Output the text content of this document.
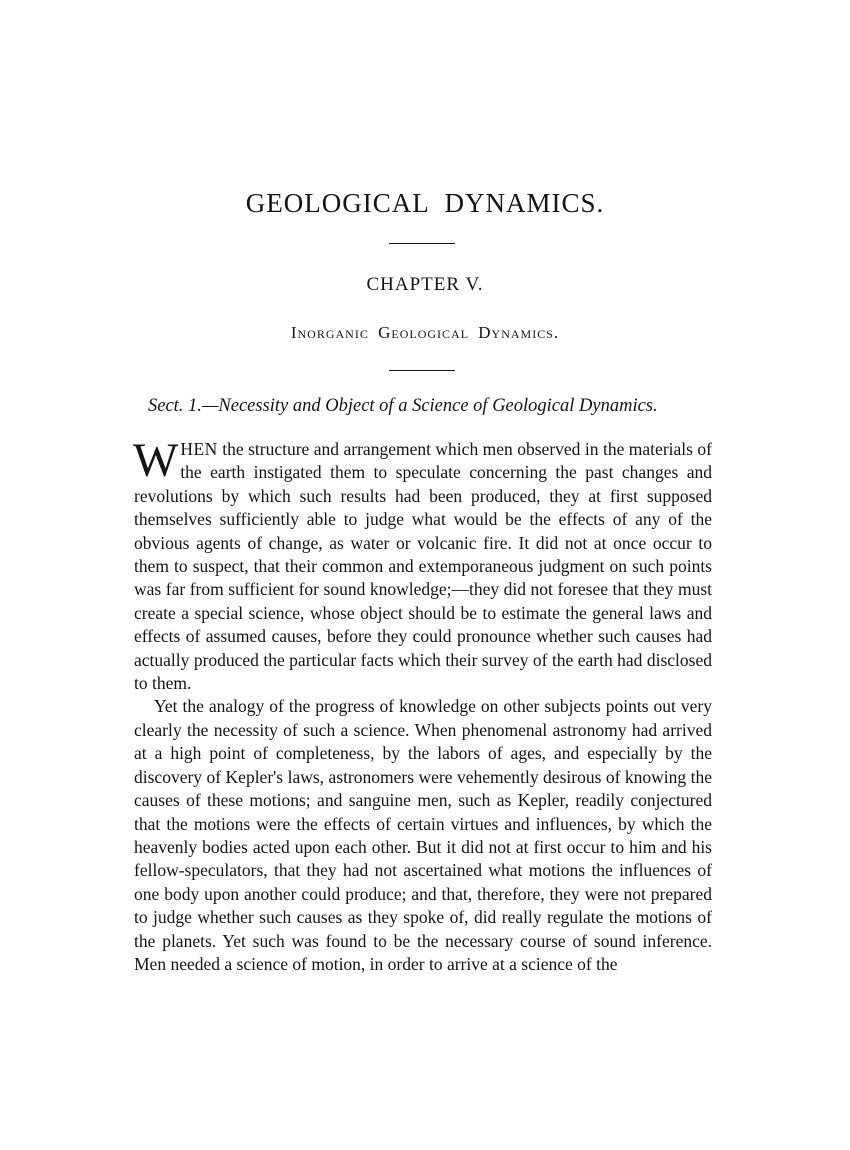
GEOLOGICAL DYNAMICS.
CHAPTER V.
Inorganic Geological Dynamics.
Sect. 1.—Necessity and Object of a Science of Geological Dynamics.

WHEN the structure and arrangement which men observed in the materials of the earth instigated them to speculate concerning the past changes and revolutions by which such results had been produced, they at first supposed themselves sufficiently able to judge what would be the effects of any of the obvious agents of change, as water or volcanic fire. It did not at once occur to them to suspect, that their common and extemporaneous judgment on such points was far from sufficient for sound knowledge;—they did not foresee that they must create a special science, whose object should be to estimate the general laws and effects of assumed causes, before they could pronounce whether such causes had actually produced the particular facts which their survey of the earth had disclosed to them.

Yet the analogy of the progress of knowledge on other subjects points out very clearly the necessity of such a science. When phenomenal astronomy had arrived at a high point of completeness, by the labors of ages, and especially by the discovery of Kepler's laws, astronomers were vehemently desirous of knowing the causes of these motions; and sanguine men, such as Kepler, readily conjectured that the motions were the effects of certain virtues and influences, by which the heavenly bodies acted upon each other. But it did not at first occur to him and his fellow-speculators, that they had not ascertained what motions the influences of one body upon another could produce; and that, therefore, they were not prepared to judge whether such causes as they spoke of, did really regulate the motions of the planets. Yet such was found to be the necessary course of sound inference. Men needed a science of motion, in order to arrive at a science of the
